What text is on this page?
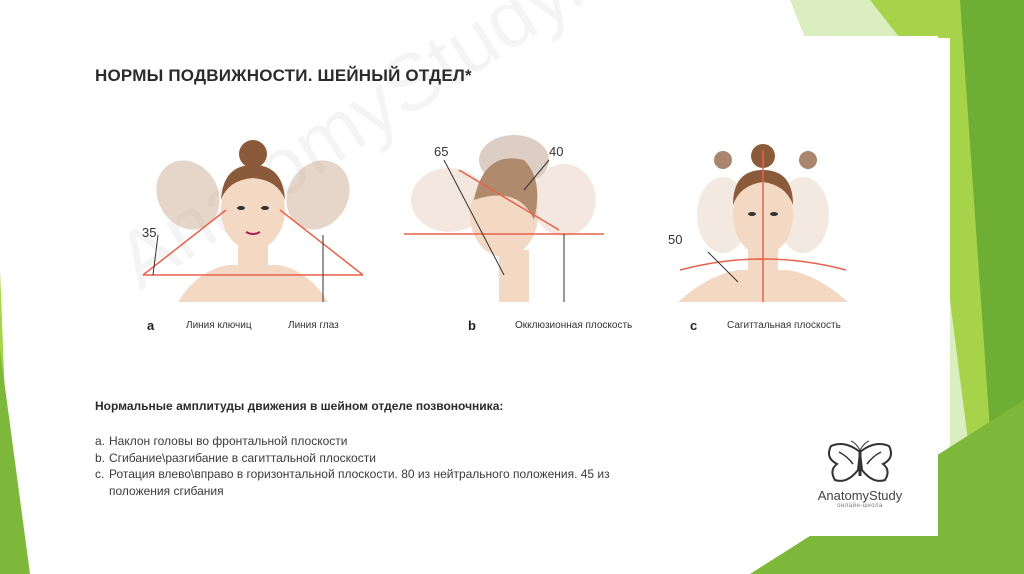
НОРМЫ ПОДВИЖНОСТИ. ШЕЙНЫЙ ОТДЕЛ*
35
65	40
50
a	Линия ключиц	Линия глаз	b	Окклюзионная плоскость	c	Сагиттальная плоскость
Нормальные амплитуды движения в шейном отделе позвоночника:
a. Наклон головы во фронтальной плоскости
b. Сгибание\разгибание в сагиттальной плоскости
c. Ротация влево\вправо в горизонтальной плоскости. 80 из нейтрального положения. 45 из положения сгибания	AnatomyStudy
онлайн-школа
